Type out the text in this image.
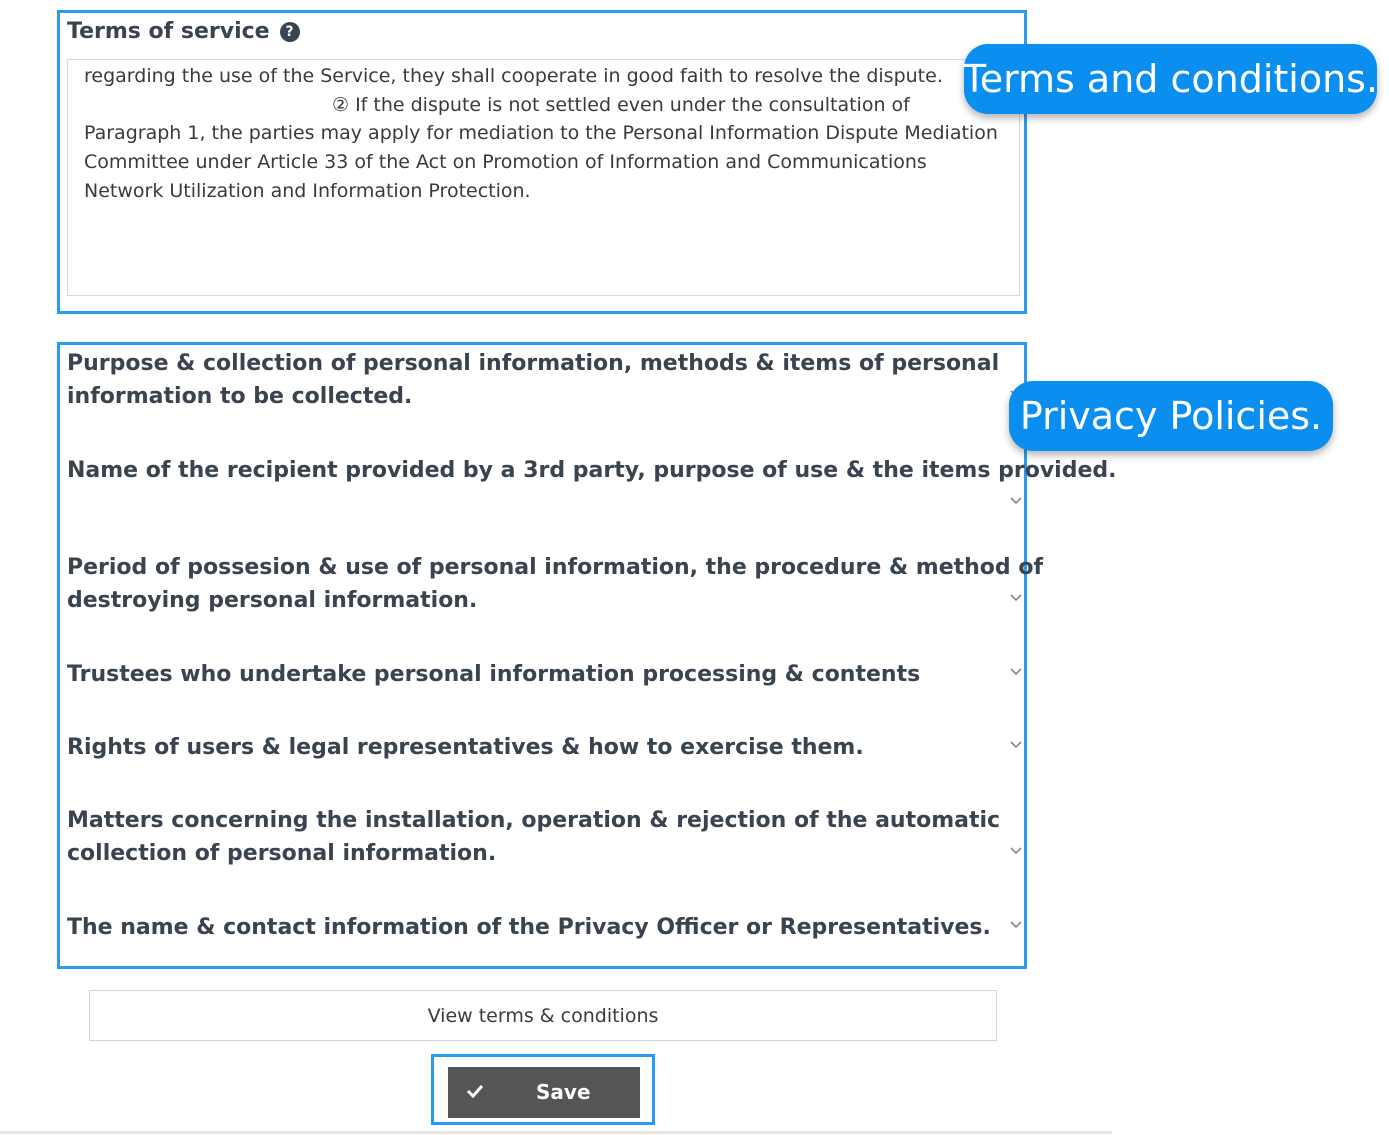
Terms of service	?

regarding the use of the Service, they shall cooperate in good faith to resolve the dispute.

② If the dispute is not settled even under the consultation of

Paragraph 1, the parties may apply for mediation to the Personal Information Dispute Mediation

Committee under Article 33 of the Act on Promotion of Information and Communications

Network Utilization and Information Protection.

Purpose & collection of personal information, methods & items of personal
information to be collected.
Name of the recipient provided by a 3rd party, purpose of use & the items provided.
Period of possesion & use of personal information, the procedure & method of
destroying personal information.
Trustees who undertake personal information processing & contents
Rights of users & legal representatives & how to exercise them.
Matters concerning the installation, operation & rejection of the automatic
collection of personal information.
The name & contact information of the Privacy Officer or Representatives.
Terms and conditions.
Privacy Policies.
View terms & conditions
Save
